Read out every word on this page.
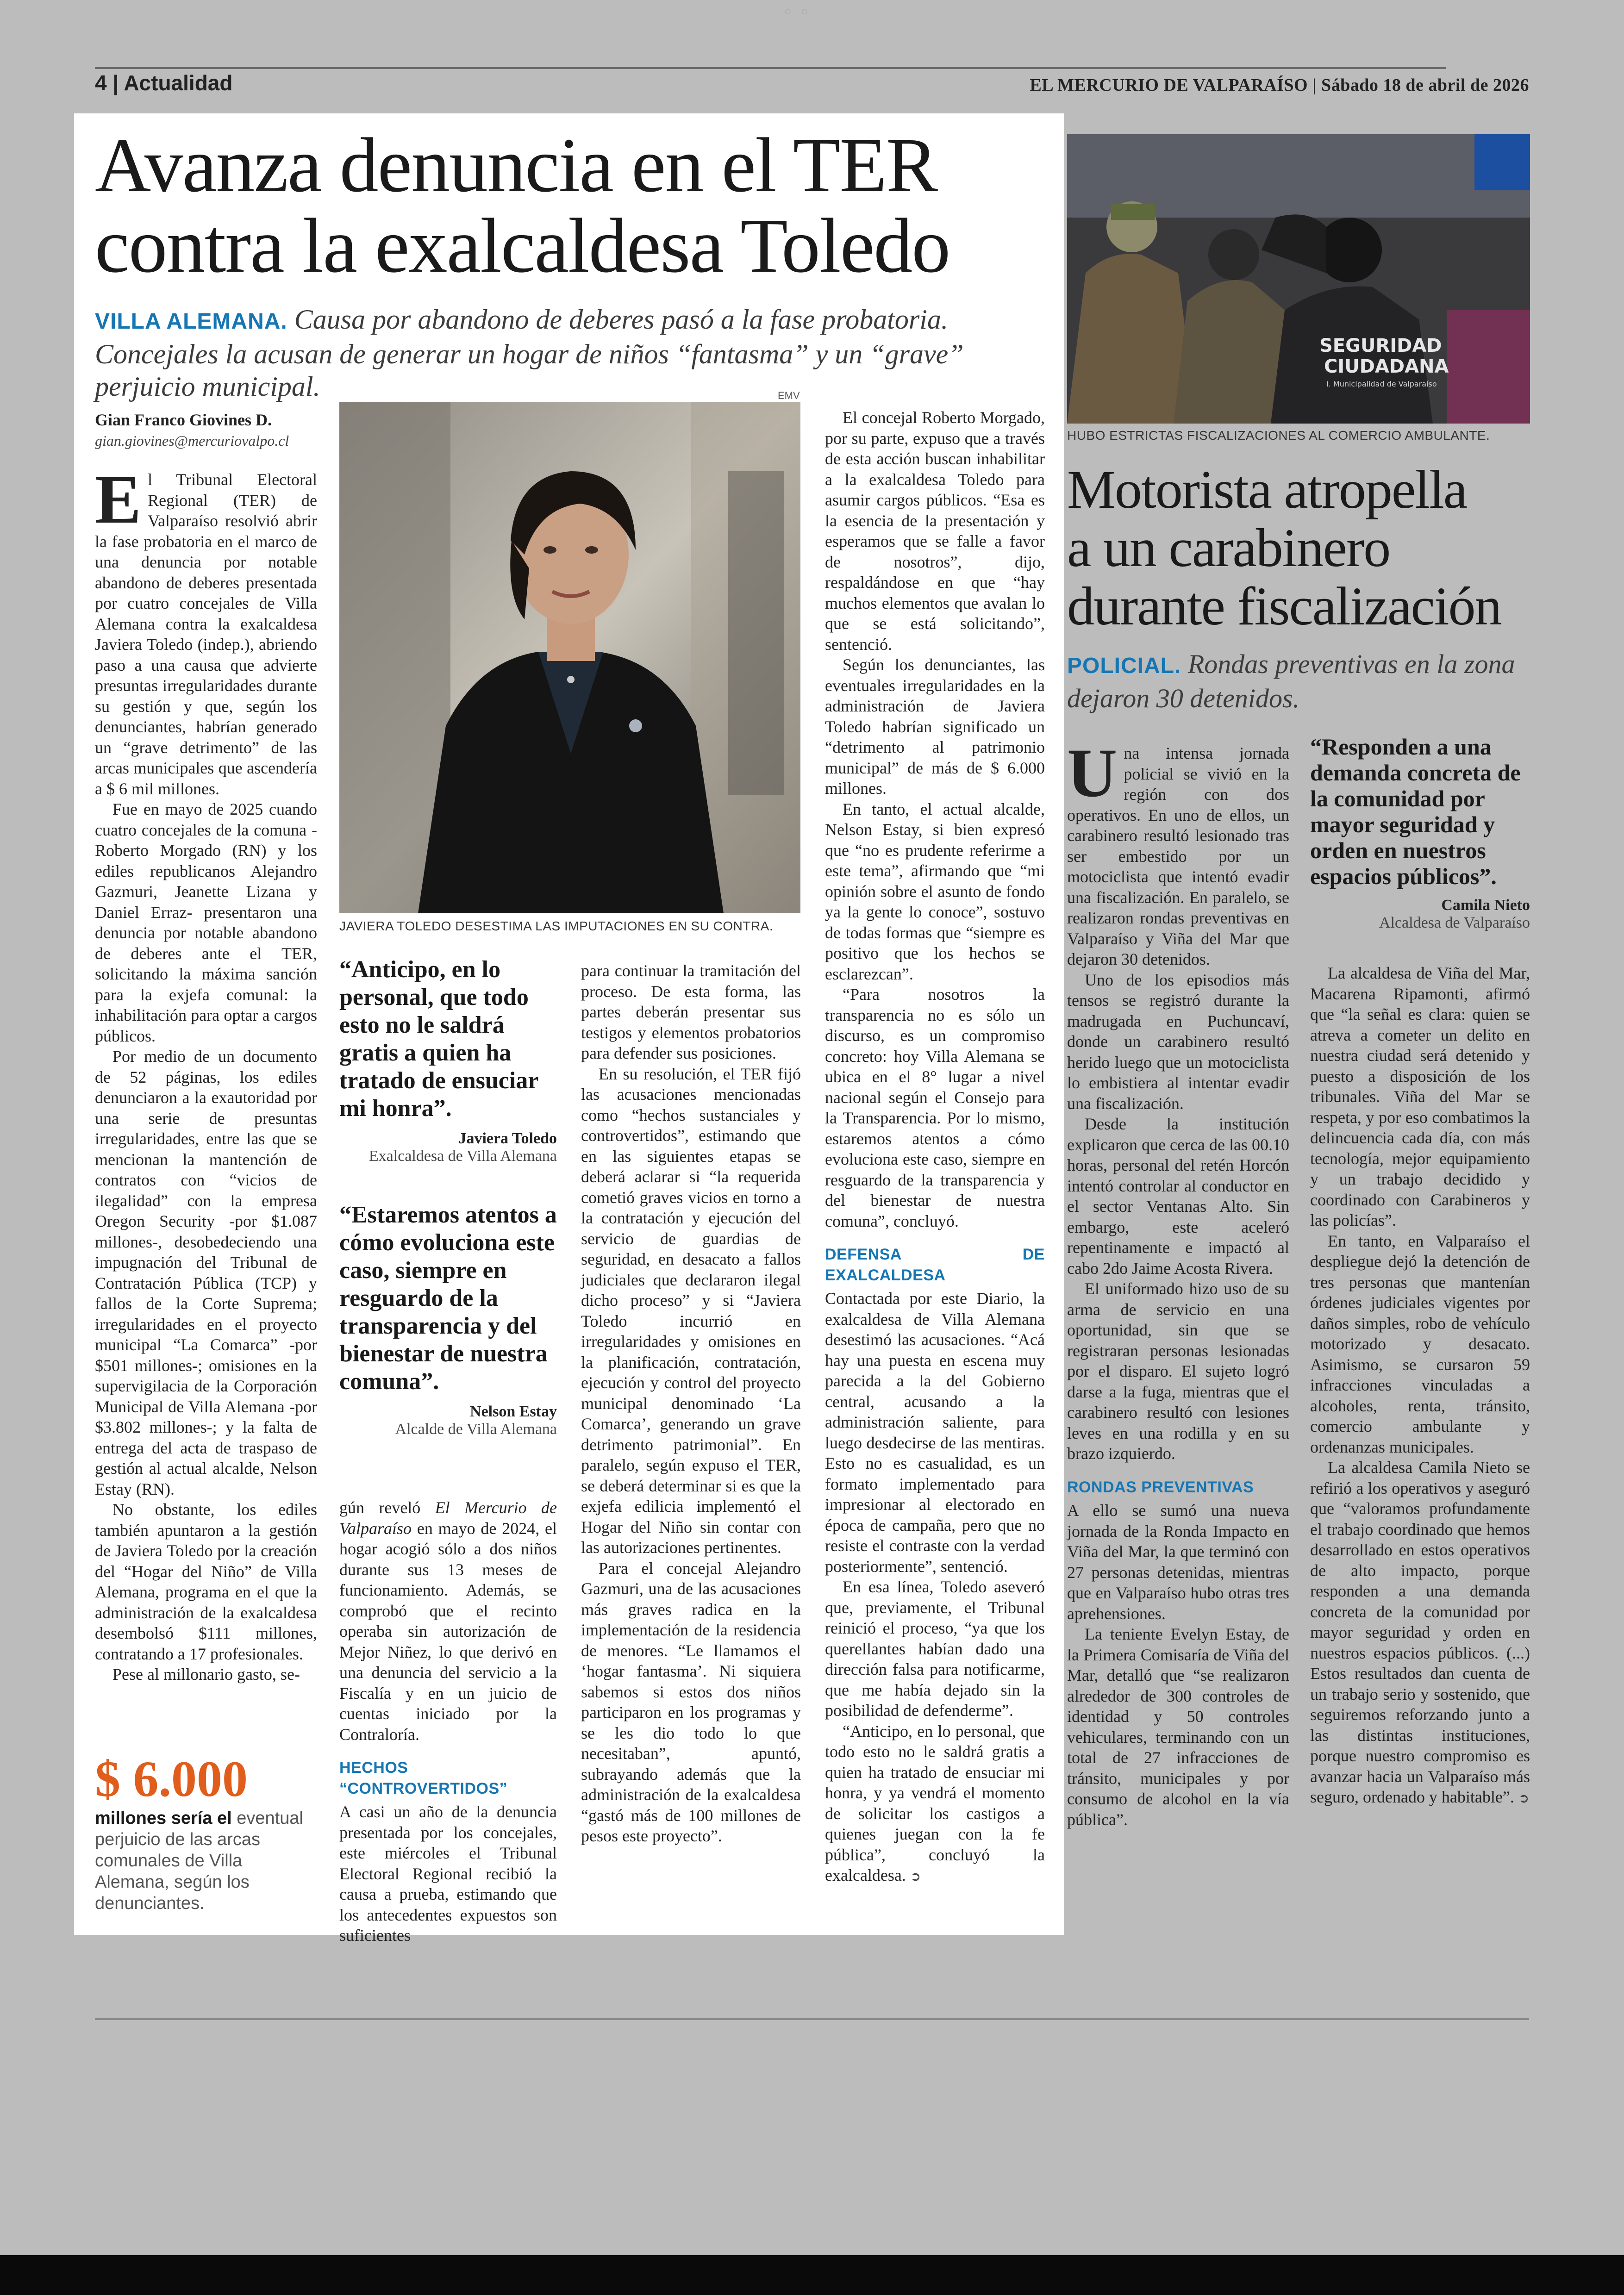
◦ ◦
4 | Actualidad	EL MERCURIO DE VALPARAÍSO | Sábado 18 de abril de 2026
Avanza denuncia en el TER
contra la exalcaldesa Toledo
VILLA ALEMANA. Causa por abandono de deberes pasó a la fase probatoria. Concejales la acusan de generar un hogar de niños “fantasma” y un “grave” perjuicio municipal.
Gian Franco Giovines D.
gian.giovines@mercuriovalpo.cl

El Tribunal Electoral Regional (TER) de Valparaíso resolvió abrir la fase probatoria en el marco de una denuncia por notable abandono de deberes presentada por cuatro concejales de Villa Alemana contra la exalcaldesa Javiera Toledo (indep.), abriendo paso a una causa que advierte presuntas irregularidades durante su gestión y que, según los denunciantes, habrían generado un “grave detrimento” de las arcas municipales que ascendería a $ 6 mil millones.

Fue en mayo de 2025 cuando cuatro concejales de la comuna -Roberto Morgado (RN) y los ediles republicanos Alejandro Gazmuri, Jeanette Lizana y Daniel Erraz- presentaron una denuncia por notable abandono de deberes ante el TER, solicitando la máxima sanción para la exjefa comunal: la inhabilitación para optar a cargos públicos.

Por medio de un documento de 52 páginas, los ediles denunciaron a la exautoridad por una serie de presuntas irregularidades, entre las que se mencionan la mantención de contratos con “vicios de ilegalidad” con la empresa Oregon Security -por $1.087 millones-, desobedeciendo una impugnación del Tribunal de Contratación Pública (TCP) y fallos de la Corte Suprema; irregularidades en el proyecto municipal “La Comarca” -por $501 millones-; omisiones en la supervigilacia de la Corporación Municipal de Villa Alemana -por $3.802 millones-; y la falta de entrega del acta de traspaso de gestión al actual alcalde, Nelson Estay (RN).

No obstante, los ediles también apuntaron a la gestión de Javiera Toledo por la creación del “Hogar del Niño” de Villa Alemana, programa en el que la administración de la exalcaldesa desembolsó $111 millones, contratando a 17 profesionales.

Pese al millonario gasto, se-

$ 6.000
millones sería el eventual perjuicio de las arcas comunales de Villa Alemana, según los denunciantes.
EMV
JAVIERA TOLEDO DESESTIMA LAS IMPUTACIONES EN SU CONTRA.
“Anticipo, en lo personal, que todo esto no le saldrá gratis a quien ha tratado de ensuciar mi honra”.
Javiera Toledo
Exalcaldesa de Villa Alemana
“Estaremos atentos a cómo evoluciona este caso, siempre en resguardo de la transparencia y del bienestar de nuestra comuna”.
Nelson Estay
Alcalde de Villa Alemana

gún reveló El Mercurio de Valparaíso en mayo de 2024, el hogar acogió sólo a dos niños durante sus 13 meses de funcionamiento. Además, se comprobó que el recinto operaba sin autorización de Mejor Niñez, lo que derivó en una denuncia del servicio a la Fiscalía y en un juicio de cuentas iniciado por la Contraloría.

HECHOS “CONTROVERTIDOS”

A casi un año de la denuncia presentada por los concejales, este miércoles el Tribunal Electoral Regional recibió la causa a prueba, estimando que los antecedentes expuestos son suficientes

para continuar la tramitación del proceso. De esta forma, las partes deberán presentar sus testigos y elementos probatorios para defender sus posiciones.

En su resolución, el TER fijó las acusaciones mencionadas como “hechos sustanciales y controvertidos”, estimando que en las siguientes etapas se deberá aclarar si “la requerida cometió graves vicios en torno a la contratación y ejecución del servicio de guardias de seguridad, en desacato a fallos judiciales que declararon ilegal dicho proceso” y si “Javiera Toledo incurrió en irregularidades y omisiones en la planificación, contratación, ejecución y control del proyecto municipal denominado ‘La Comarca’, generando un grave detrimento patrimonial”. En paralelo, según expuso el TER, se deberá determinar si es que la exjefa edilicia implementó el Hogar del Niño sin contar con las autorizaciones pertinentes.

Para el concejal Alejandro Gazmuri, una de las acusaciones más graves radica en la implementación de la residencia de menores. “Le llamamos el ‘hogar fantasma’. Ni siquiera sabemos si estos dos niños participaron en los programas y se les dio todo lo que necesitaban”, apuntó, subrayando además que la administración de la exalcaldesa “gastó más de 100 millones de pesos este proyecto”.

El concejal Roberto Morgado, por su parte, expuso que a través de esta acción buscan inhabilitar a la exalcaldesa Toledo para asumir cargos públicos. “Esa es la esencia de la presentación y esperamos que se falle a favor de nosotros”, dijo, respaldándose en que “hay muchos elementos que avalan lo que se está solicitando”, sentenció.

Según los denunciantes, las eventuales irregularidades en la administración de Javiera Toledo habrían significado un “detrimento al patrimonio municipal” de más de $ 6.000 millones.

En tanto, el actual alcalde, Nelson Estay, si bien expresó que “no es prudente referirme a este tema”, afirmando que “mi opinión sobre el asunto de fondo ya la gente lo conoce”, sostuvo de todas formas que “siempre es positivo que los hechos se esclarezcan”.

“Para nosotros la transparencia no es sólo un discurso, es un compromiso concreto: hoy Villa Alemana se ubica en el 8° lugar a nivel nacional según el Consejo para la Transparencia. Por lo mismo, estaremos atentos a cómo evoluciona este caso, siempre en resguardo de la transparencia y del bienestar de nuestra comuna”, concluyó.

DEFENSA DE EXALCALDESA

Contactada por este Diario, la exalcaldesa de Villa Alemana desestimó las acusaciones. “Acá hay una puesta en escena muy parecida a la del Gobierno central, acusando a la administración saliente, para luego desdecirse de las mentiras. Esto no es casualidad, es un formato implementado para impresionar al electorado en época de campaña, pero que no resiste el contraste con la verdad posteriormente”, sentenció.

En esa línea, Toledo aseveró que, previamente, el Tribunal reinició el proceso, “ya que los querellantes habían dado una dirección falsa para notificarme, que me había dejado sin la posibilidad de defenderme”.

“Anticipo, en lo personal, que todo esto no le saldrá gratis a quien ha tratado de ensuciar mi honra, y ya vendrá el momento de solicitar los castigos a quienes juegan con la fe pública”, concluyó la exalcaldesa. ➲

SEGURIDAD
CIUDADANA
I. Municipalidad de Valparaíso
HUBO ESTRICTAS FISCALIZACIONES AL COMERCIO AMBULANTE.
Motorista atropella
a un carabinero
durante fiscalización
POLICIAL. Rondas preventivas en la zona dejaron 30 detenidos.

Una intensa jornada policial se vivió en la región con dos operativos. En uno de ellos, un carabinero resultó lesionado tras ser embestido por un motociclista que intentó evadir una fiscalización. En paralelo, se realizaron rondas preventivas en Valparaíso y Viña del Mar que dejaron 30 detenidos.

Uno de los episodios más tensos se registró durante la madrugada en Puchuncaví, donde un carabinero resultó herido luego que un motociclista lo embistiera al intentar evadir una fiscalización.

Desde la institución explicaron que cerca de las 00.10 horas, personal del retén Horcón intentó controlar al conductor en el sector Ventanas Alto. Sin embargo, este aceleró repentinamente e impactó al cabo 2do Jaime Acosta Rivera.

El uniformado hizo uso de su arma de servicio en una oportunidad, sin que se registraran personas lesionadas por el disparo. El sujeto logró darse a la fuga, mientras que el carabinero resultó con lesiones leves en una rodilla y en su brazo izquierdo.

RONDAS PREVENTIVAS

A ello se sumó una nueva jornada de la Ronda Impacto en Viña del Mar, la que terminó con 27 personas detenidas, mientras que en Valparaíso hubo otras tres aprehensiones.

La teniente Evelyn Estay, de la Primera Comisaría de Viña del Mar, detalló que “se realizaron alrededor de 300 controles de identidad y 50 controles vehiculares, terminando con un total de 27 infracciones de tránsito, municipales y por consumo de alcohol en la vía pública”.

“Responden a una demanda concreta de la comunidad por mayor seguridad y orden en nuestros espacios públicos”.
Camila Nieto
Alcaldesa de Valparaíso

La alcaldesa de Viña del Mar, Macarena Ripamonti, afirmó que “la señal es clara: quien se atreva a cometer un delito en nuestra ciudad será detenido y puesto a disposición de los tribunales. Viña del Mar se respeta, y por eso combatimos la delincuencia cada día, con más tecnología, mejor equipamiento y un trabajo decidido y coordinado con Carabineros y las policías”.

En tanto, en Valparaíso el despliegue dejó la detención de tres personas que mantenían órdenes judiciales vigentes por daños simples, robo de vehículo motorizado y desacato. Asimismo, se cursaron 59 infracciones vinculadas a alcoholes, renta, tránsito, comercio ambulante y ordenanzas municipales.

La alcaldesa Camila Nieto se refirió a los operativos y aseguró que “valoramos profundamente el trabajo coordinado que hemos desarrollado en estos operativos de alto impacto, porque responden a una demanda concreta de la comunidad por mayor seguridad y orden en nuestros espacios públicos. (...) Estos resultados dan cuenta de un trabajo serio y sostenido, que seguiremos reforzando junto a las distintas instituciones, porque nuestro compromiso es avanzar hacia un Valparaíso más seguro, ordenado y habitable”. ➲
